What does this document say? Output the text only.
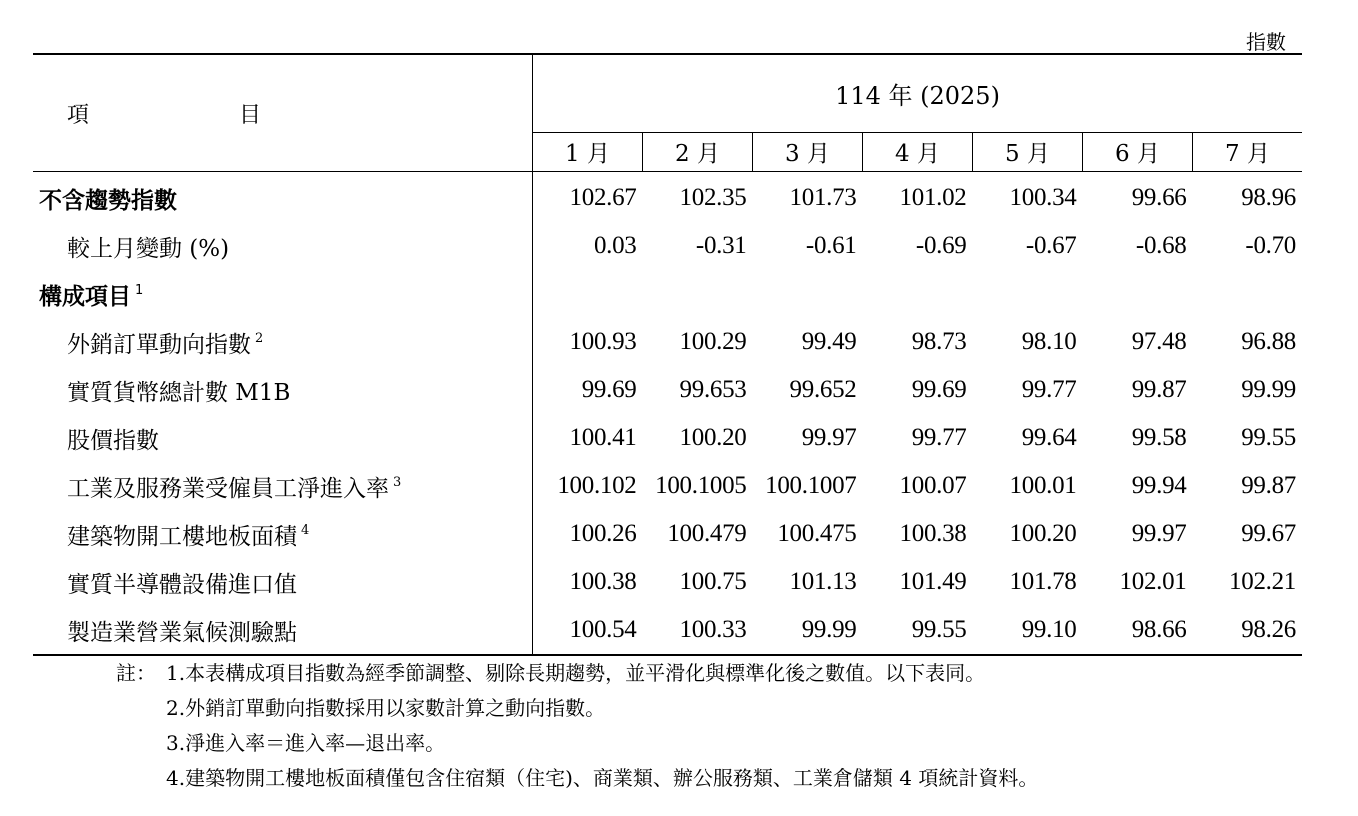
指數
項 目	114 年 (2025)						
	1 月	2 月	3 月	4 月	5 月	6 月	7 月
不含趨勢指數	102.67	102.35	101.73	101.02	100.34	99.66	98.96
較上月變動 (%)	0.03	-0.31	-0.61	-0.69	-0.67	-0.68	-0.70
構成項目 $^1$							
外銷訂單動向指數 $^2$	100.93	100.29	99.49	98.73	98.10	97.48	96.88
實質貨幣總計數 M1B	99.69	99.653	99.652	99.69	99.77	99.87	99.99
股價指數	100.41	100.20	99.97	99.77	99.64	99.58	99.55
工業及服務業受僱員工淨進入率 $^3$	100.102	100.1005	100.1007	100.07	100.01	99.94	99.87
建築物開工樓地板面積 $^4$	100.26	100.479	100.475	100.38	100.20	99.97	99.67
實質半導體設備進口值	100.38	100.75	101.13	101.49	101.78	102.01	102.21
製造業營業氣候測驗點	100.54	100.33	99.99	99.55	99.10	98.66	98.26
註： 1.本表構成項目指數為經季節調整、剔除長期趨勢，並平滑化與標準化後之數值。以下表同。
2.外銷訂單動向指數採用以家數計算之動向指數。
3.淨進入率＝進入率—退出率。
4.建築物開工樓地板面積僅包含住宿類（住宅)、商業類、辦公服務類、工業倉儲類 4 項統計資料。
